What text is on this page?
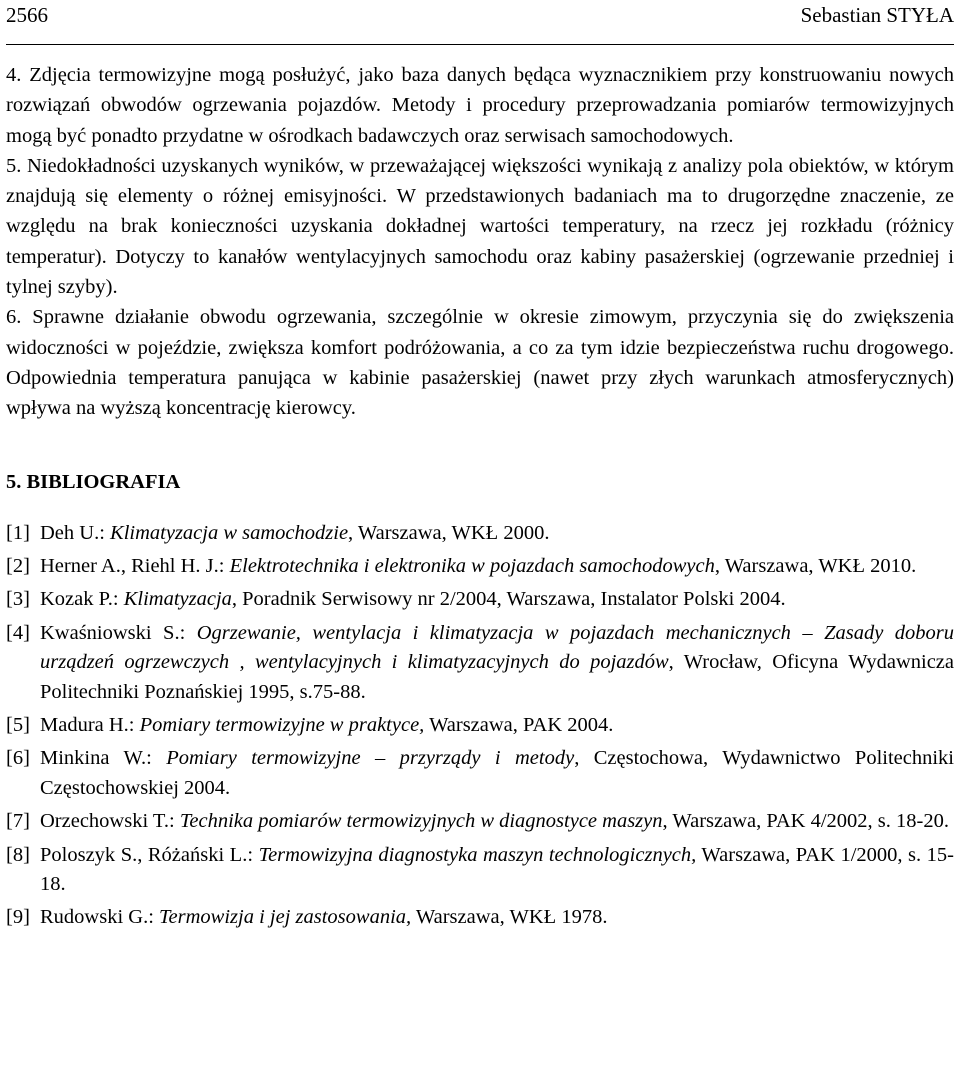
2566	Sebastian STYŁA

4. Zdjęcia termowizyjne mogą posłużyć, jako baza danych będąca wyznacznikiem przy konstruowaniu nowych rozwiązań obwodów ogrzewania pojazdów. Metody i procedury przeprowadzania pomiarów termowizyjnych mogą być ponadto przydatne w ośrodkach badawczych oraz serwisach samochodowych.

5. Niedokładności uzyskanych wyników, w przeważającej większości wynikają z analizy pola obiektów, w którym znajdują się elementy o różnej emisyjności. W przedstawionych badaniach ma to drugorzędne znaczenie, ze względu na brak konieczności uzyskania dokładnej wartości temperatury, na rzecz jej rozkładu (różnicy temperatur). Dotyczy to kanałów wentylacyjnych samochodu oraz kabiny pasażerskiej (ogrzewanie przedniej i tylnej szyby).

6. Sprawne działanie obwodu ogrzewania, szczególnie w okresie zimowym, przyczynia się do zwiększenia widoczności w pojeździe, zwiększa komfort podróżowania, a co za tym idzie bezpieczeństwa ruchu drogowego. Odpowiednia temperatura panująca w kabinie pasażerskiej (nawet przy złych warunkach atmosferycznych) wpływa na wyższą koncentrację kierowcy.

5. BIBLIOGRAFIA
[1] Deh U.: Klimatyzacja w samochodzie, Warszawa, WKŁ 2000.
[2] Herner A., Riehl H. J.: Elektrotechnika i elektronika w pojazdach samochodowych, Warszawa, WKŁ 2010.
[3] Kozak P.: Klimatyzacja, Poradnik Serwisowy nr 2/2004, Warszawa, Instalator Polski 2004.
[4] Kwaśniowski S.: Ogrzewanie, wentylacja i klimatyzacja w pojazdach mechanicznych – Zasady doboru urządzeń ogrzewczych , wentylacyjnych i klimatyzacyjnych do pojazdów, Wrocław, Oficyna Wydawnicza Politechniki Poznańskiej 1995, s.75-88.
[5] Madura H.: Pomiary termowizyjne w praktyce, Warszawa, PAK 2004.
[6] Minkina W.: Pomiary termowizyjne – przyrządy i metody, Częstochowa, Wydawnictwo Politechniki Częstochowskiej 2004.
[7] Orzechowski T.: Technika pomiarów termowizyjnych w diagnostyce maszyn, Warszawa, PAK 4/2002, s. 18-20.
[8] Poloszyk S., Różański L.: Termowizyjna diagnostyka maszyn technologicznych, Warszawa, PAK 1/2000, s. 15-18.
[9] Rudowski G.: Termowizja i jej zastosowania, Warszawa, WKŁ 1978.
